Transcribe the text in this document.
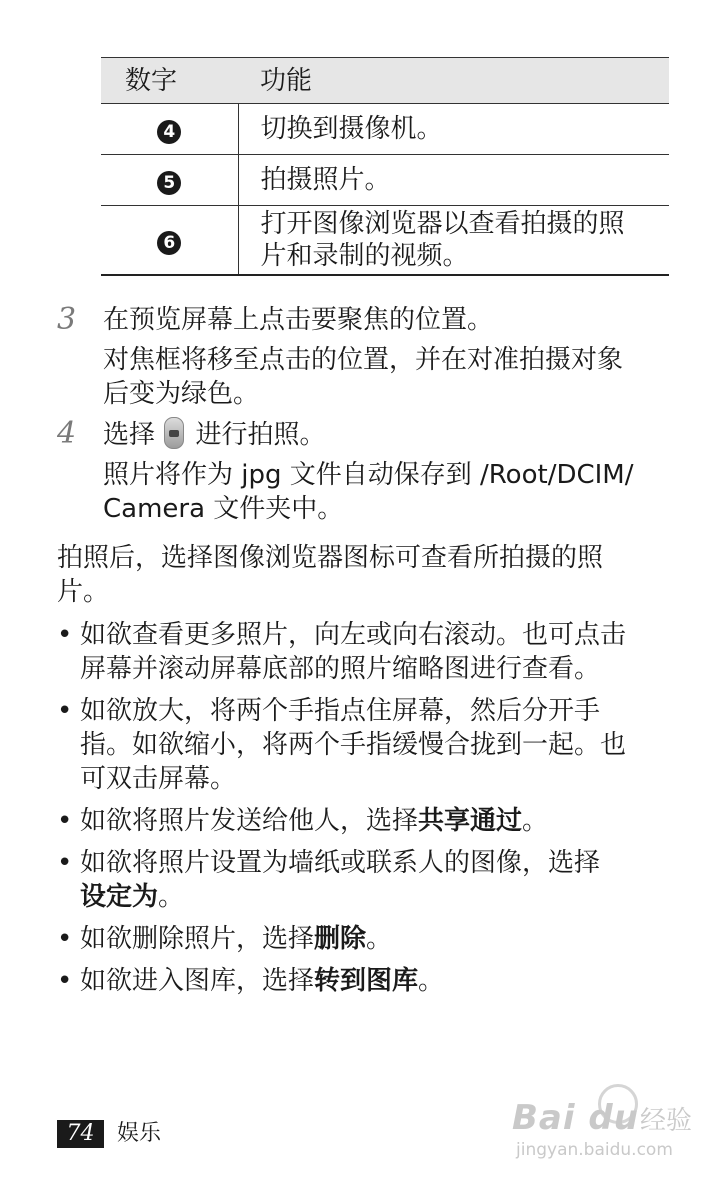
数字	功能
4	切换到摄像机。
5	拍摄照片。
6	打开图像浏览器以查看拍摄的照
片和录制的视频。
3 在预览屏幕上点击要聚焦的位置。
对焦框将移至点击的位置，并在对准拍摄对象
后变为绿色。
4 选择 进行拍照。
照片将作为 jpg 文件自动保存到 /Root/DCIM/
Camera 文件夹中。
拍照后，选择图像浏览器图标可查看所拍摄的照
片。
• 如欲查看更多照片，向左或向右滚动。也可点击
屏幕并滚动屏幕底部的照片缩略图进行查看。
• 如欲放大，将两个手指点住屏幕，然后分开手
指。如欲缩小，将两个手指缓慢合拢到一起。也
可双击屏幕。
• 如欲将照片发送给他人，选择共享通过。
• 如欲将照片设置为墙纸或联系人的图像，选择
设定为。
• 如欲删除照片，选择删除。
• 如欲进入图库，选择转到图库。
74	娱乐	Bai du 经验
jingyan.baidu.com
